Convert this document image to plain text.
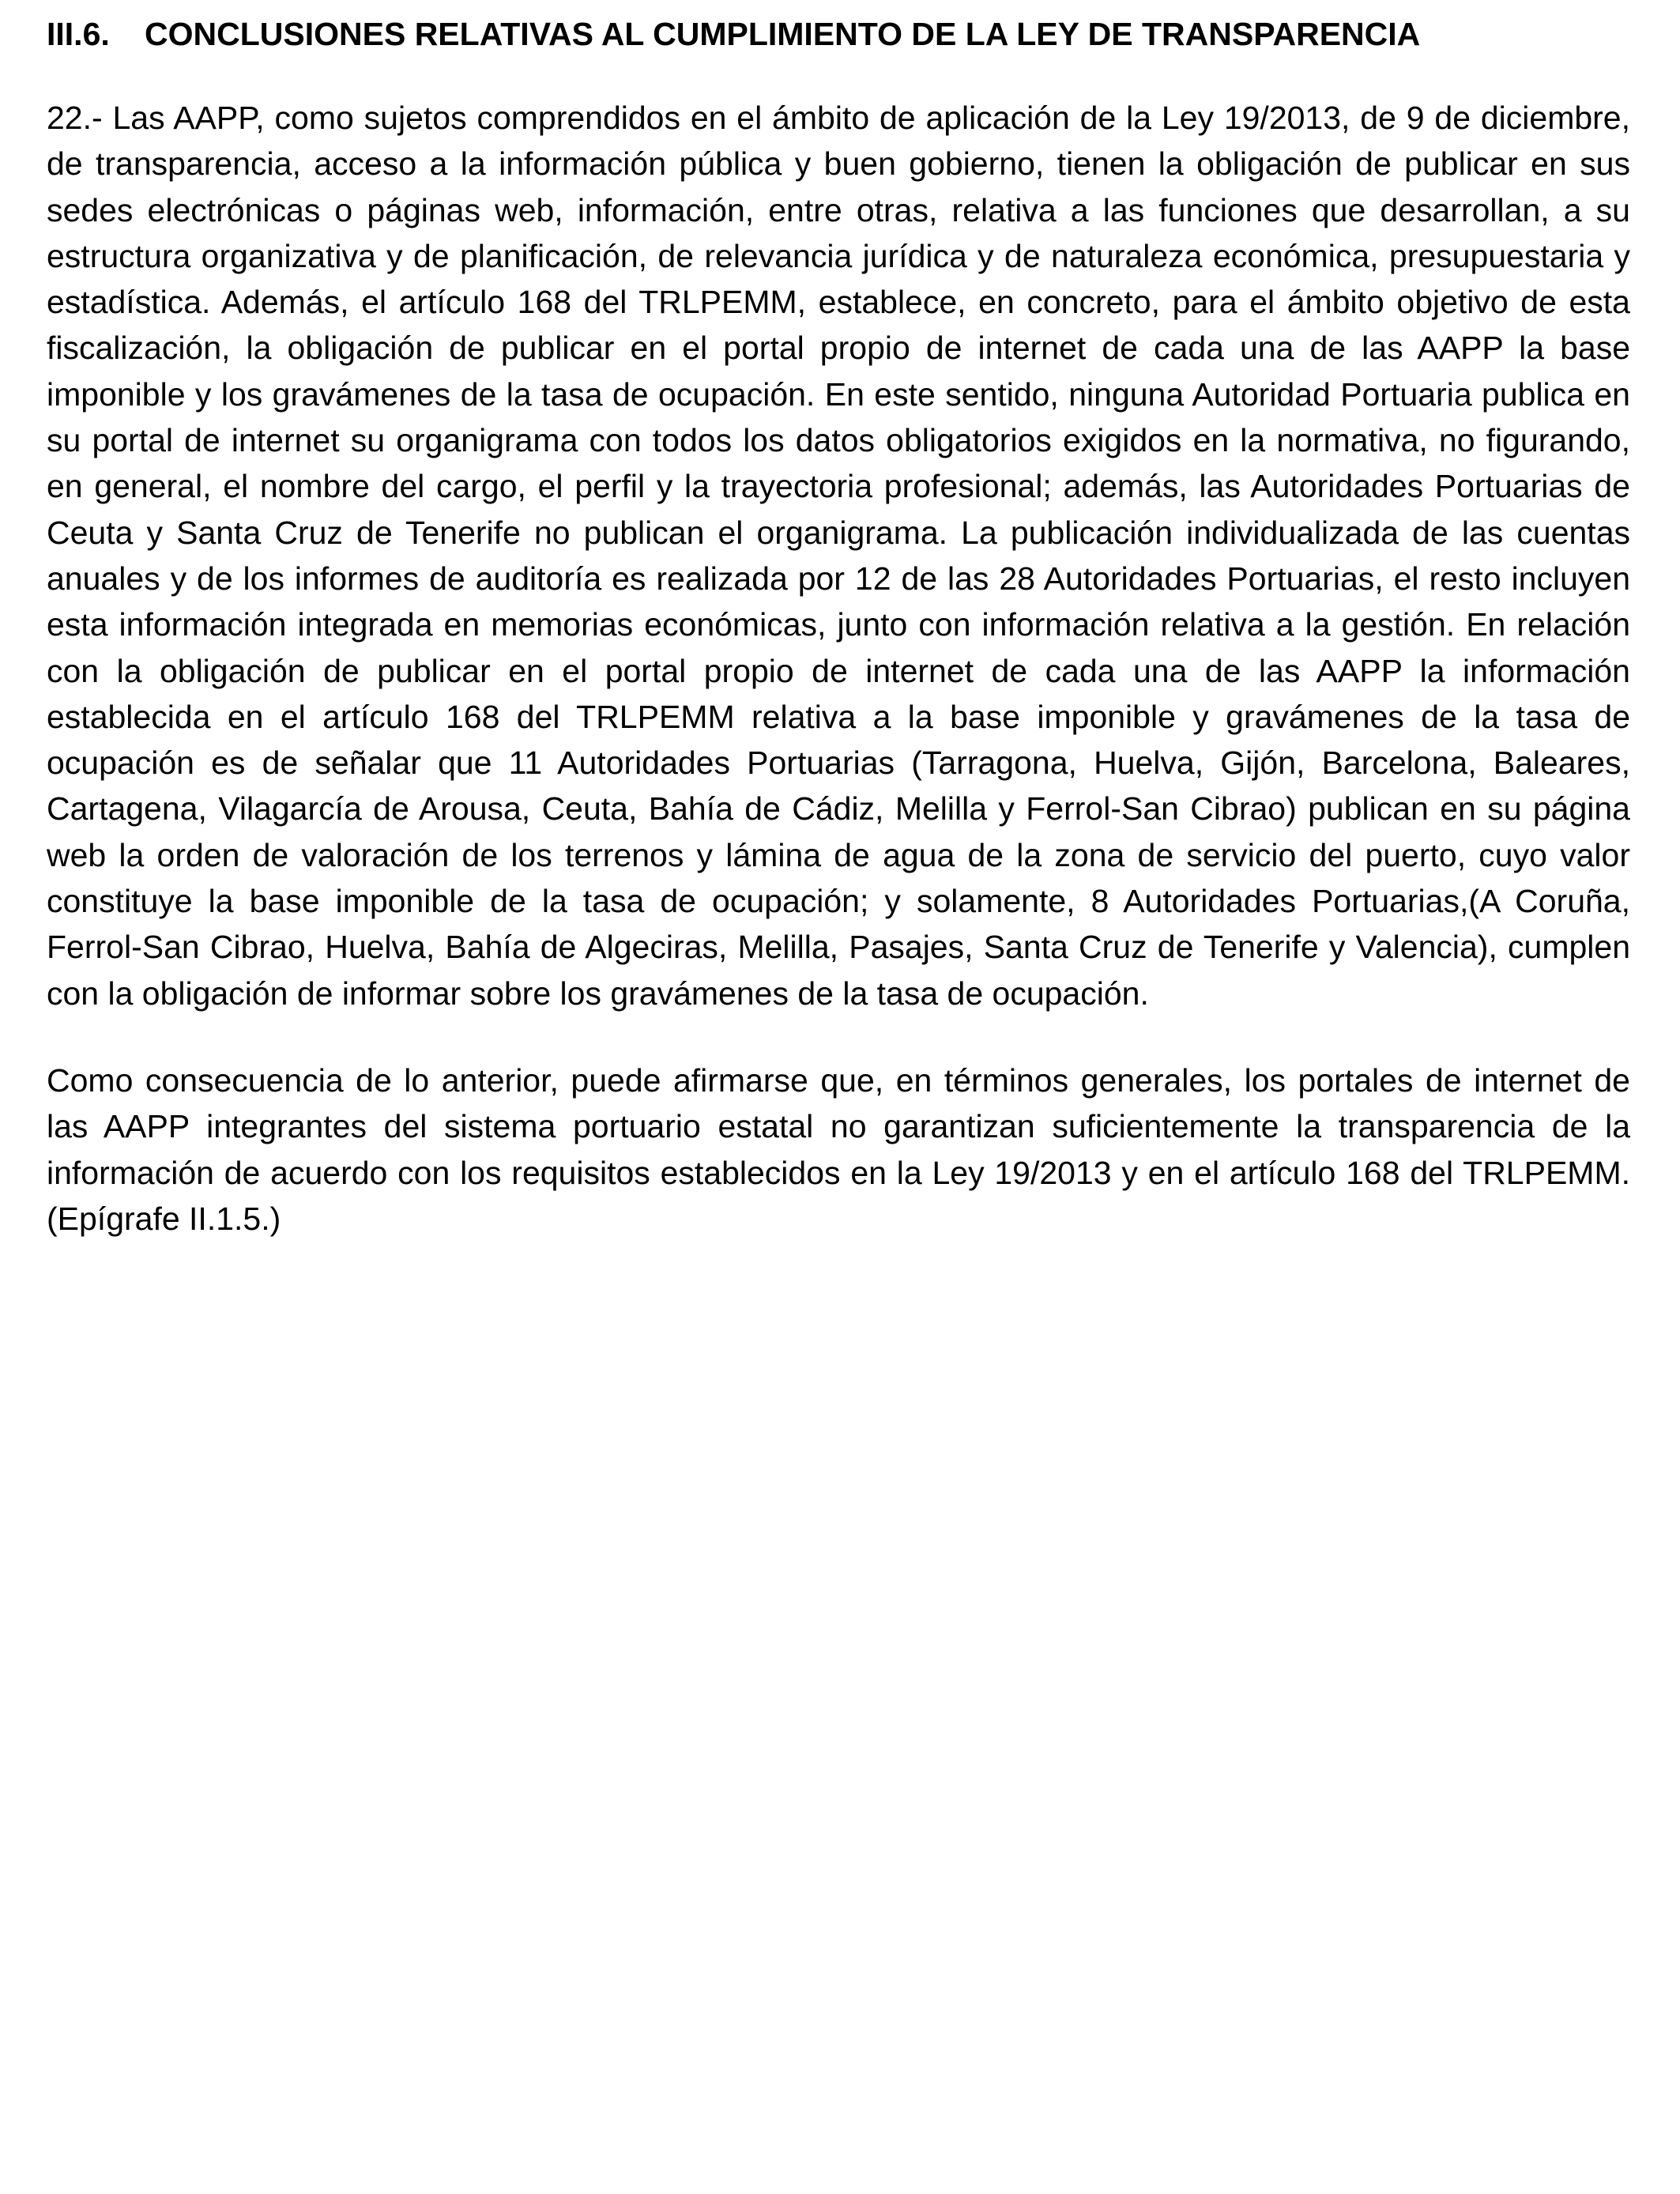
III.6.	CONCLUSIONES RELATIVAS AL CUMPLIMIENTO DE LA LEY DE TRANSPARENCIA

22.- Las AAPP, como sujetos comprendidos en el ámbito de aplicación de la Ley 19/2013, de 9 de diciembre, de transparencia, acceso a la información pública y buen gobierno, tienen la obligación de publicar en sus sedes electrónicas o páginas web, información, entre otras, relativa a las funciones que desarrollan, a su estructura organizativa y de planificación, de relevancia jurídica y de naturaleza económica, presupuestaria y estadística. Además, el artículo 168 del TRLPEMM, establece, en concreto, para el ámbito objetivo de esta fiscalización, la obligación de publicar en el portal propio de internet de cada una de las AAPP la base imponible y los gravámenes de la tasa de ocupación. En este sentido, ninguna Autoridad Portuaria publica en su portal de internet su organigrama con todos los datos obligatorios exigidos en la normativa, no figurando, en general, el nombre del cargo, el perfil y la trayectoria profesional; además, las Autoridades Portuarias de Ceuta y Santa Cruz de Tenerife no publican el organigrama. La publicación individualizada de las cuentas anuales y de los informes de auditoría es realizada por 12 de las 28 Autoridades Portuarias, el resto incluyen esta información integrada en memorias económicas, junto con información relativa a la gestión. En relación con la obligación de publicar en el portal propio de internet de cada una de las AAPP la información establecida en el artículo 168 del TRLPEMM relativa a la base imponible y gravámenes de la tasa de ocupación es de señalar que 11 Autoridades Portuarias (Tarragona, Huelva, Gijón, Barcelona, Baleares, Cartagena, Vilagarcía de Arousa, Ceuta, Bahía de Cádiz, Melilla y Ferrol-San Cibrao) publican en su página web la orden de valoración de los terrenos y lámina de agua de la zona de servicio del puerto, cuyo valor constituye la base imponible de la tasa de ocupación; y solamente, 8 Autoridades Portuarias,(A Coruña, Ferrol-San Cibrao, Huelva, Bahía de Algeciras, Melilla, Pasajes, Santa Cruz de Tenerife y Valencia), cumplen con la obligación de informar sobre los gravámenes de la tasa de ocupación.

Como consecuencia de lo anterior, puede afirmarse que, en términos generales, los portales de internet de las AAPP integrantes del sistema portuario estatal no garantizan suficientemente la transparencia de la información de acuerdo con los requisitos establecidos en la Ley 19/2013 y en el artículo 168 del TRLPEMM. (Epígrafe II.1.5.)
